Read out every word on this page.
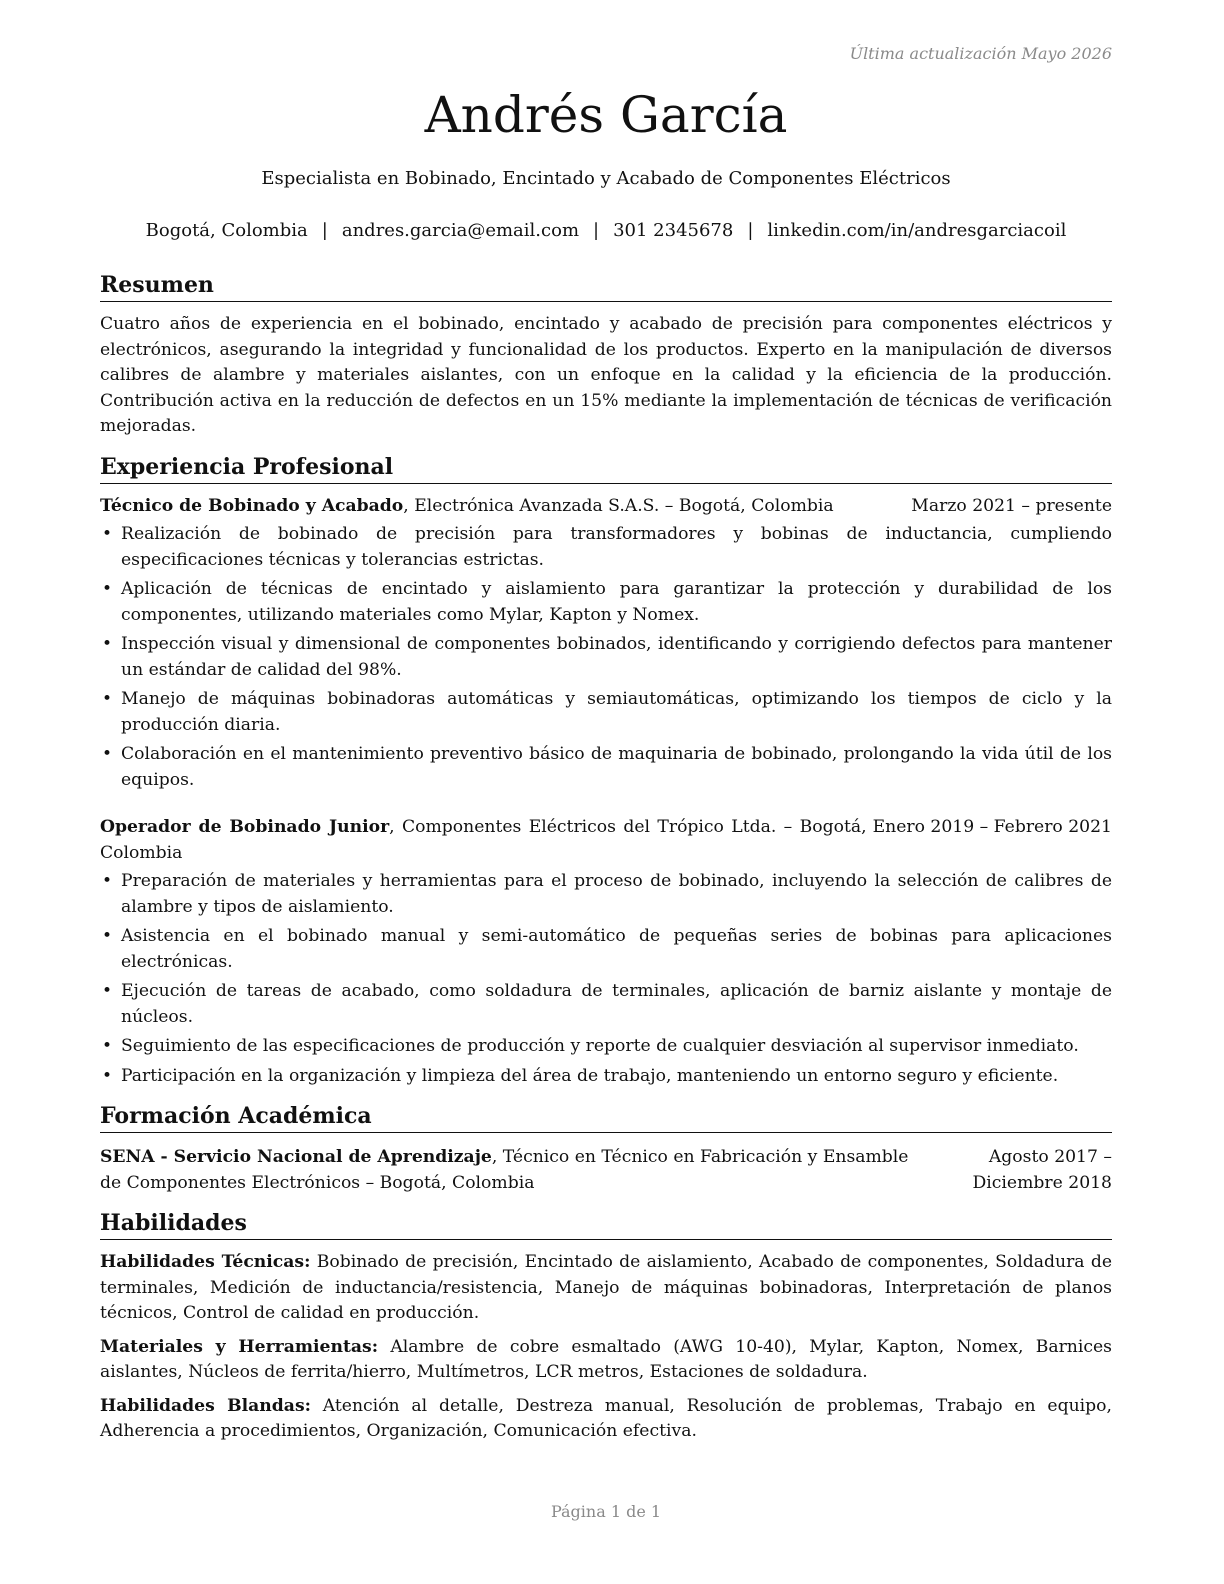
Última actualización Mayo 2026
Andrés García
Especialista en Bobinado, Encintado y Acabado de Componentes Eléctricos
Bogotá, Colombia | andres.garcia@email.com | 301 2345678 | linkedin.com/in/andresgarciacoil
Resumen

Cuatro años de experiencia en el bobinado, encintado y acabado de precisión para componentes eléctricos y electrónicos, asegurando la integridad y funcionalidad de los productos. Experto en la manipulación de diversos calibres de alambre y materiales aislantes, con un enfoque en la calidad y la eficiencia de la producción. Contribución activa en la reducción de defectos en un 15% mediante la implementación de técnicas de verificación mejoradas.

Experiencia Profesional
Técnico de Bobinado y Acabado, Electrónica Avanzada S.A.S. – Bogotá, Colombia	Marzo 2021 – presente
• Realización de bobinado de precisión para transformadores y bobinas de inductancia, cumpliendo especificaciones técnicas y tolerancias estrictas.
• Aplicación de técnicas de encintado y aislamiento para garantizar la protección y durabilidad de los componentes, utilizando materiales como Mylar, Kapton y Nomex.
• Inspección visual y dimensional de componentes bobinados, identificando y corrigiendo defectos para mantener un estándar de calidad del 98%.
• Manejo de máquinas bobinadoras automáticas y semiautomáticas, optimizando los tiempos de ciclo y la producción diaria.
• Colaboración en el mantenimiento preventivo básico de maquinaria de bobinado, prolongando la vida útil de los equipos.
Operador de Bobinado Junior, Componentes Eléctricos del Trópico Ltda. – Bogotá, Colombia
Enero 2019 – Febrero 2021
• Preparación de materiales y herramientas para el proceso de bobinado, incluyendo la selección de calibres de alambre y tipos de aislamiento.
• Asistencia en el bobinado manual y semi-automático de pequeñas series de bobinas para aplicaciones electrónicas.
• Ejecución de tareas de acabado, como soldadura de terminales, aplicación de barniz aislante y montaje de núcleos.
• Seguimiento de las especificaciones de producción y reporte de cualquier desviación al supervisor inmediato.
• Participación en la organización y limpieza del área de trabajo, manteniendo un entorno seguro y eficiente.
Formación Académica
SENA - Servicio Nacional de Aprendizaje, Técnico en Técnico en Fabricación y Ensamble de Componentes Electrónicos – Bogotá, Colombia
Agosto 2017 – Diciembre 2018
Habilidades

Habilidades Técnicas: Bobinado de precisión, Encintado de aislamiento, Acabado de componentes, Soldadura de terminales, Medición de inductancia/resistencia, Manejo de máquinas bobinadoras, Interpretación de planos técnicos, Control de calidad en producción.

Materiales y Herramientas: Alambre de cobre esmaltado (AWG 10-40), Mylar, Kapton, Nomex, Barnices aislantes, Núcleos de ferrita/hierro, Multímetros, LCR metros, Estaciones de soldadura.

Habilidades Blandas: Atención al detalle, Destreza manual, Resolución de problemas, Trabajo en equipo, Adherencia a procedimientos, Organización, Comunicación efectiva.

Página 1 de 1
